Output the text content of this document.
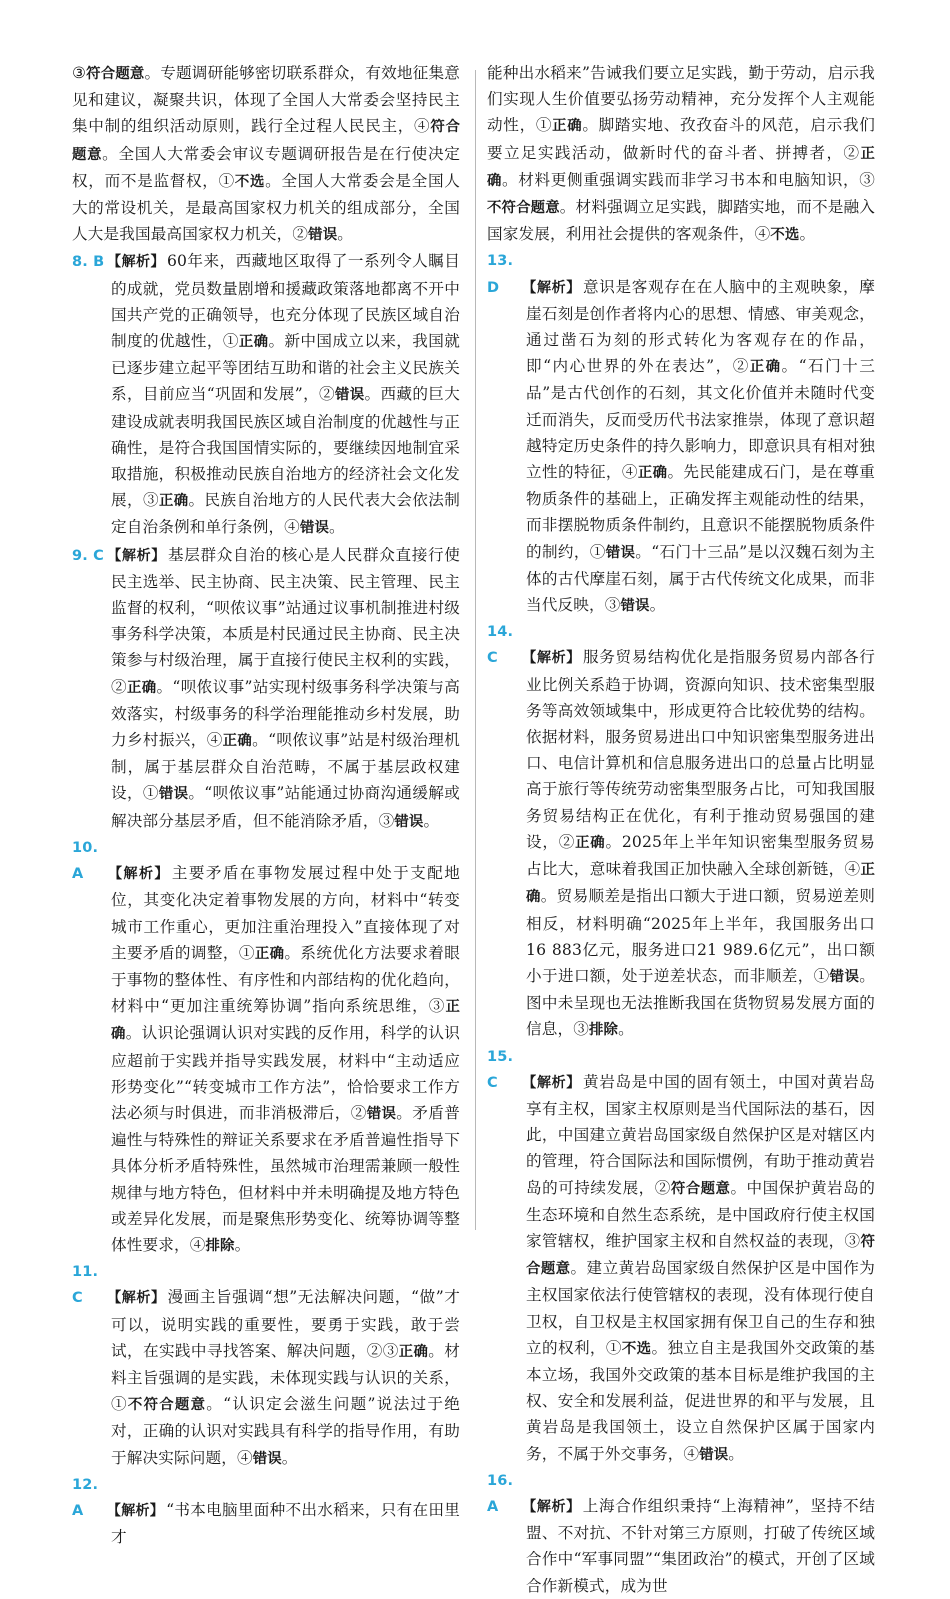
③符合题意。专题调研能够密切联系群众，有效地征集意见和建议，凝聚共识，体现了全国人大常委会坚持民主集中制的组织活动原则，践行全过程人民民主，④符合题意。全国人大常委会审议专题调研报告是在行使决定权，而不是监督权，①不选。全国人大常委会是全国人大的常设机关，是最高国家权力机关的组成部分，全国人大是我国最高国家权力机关，②错误。

8. B 【解析】 60年来，西藏地区取得了一系列令人瞩目的成就，党员数量剧增和援藏政策落地都离不开中国共产党的正确领导，也充分体现了民族区域自治制度的优越性，①正确。新中国成立以来，我国就已逐步建立起平等团结互助和谐的社会主义民族关系，目前应当“巩固和发展”，②错误。西藏的巨大建设成就表明我国民族区域自治制度的优越性与正确性，是符合我国国情实际的，要继续因地制宜采取措施，积极推动民族自治地方的经济社会文化发展，③正确。民族自治地方的人民代表大会依法制定自治条例和单行条例，④错误。

9. C 【解析】 基层群众自治的核心是人民群众直接行使民主选举、民主协商、民主决策、民主管理、民主监督的权利，“呗侬议事”站通过议事机制推进村级事务科学决策，本质是村民通过民主协商、民主决策参与村级治理，属于直接行使民主权利的实践，②正确。“呗侬议事”站实现村级事务科学决策与高效落实，村级事务的科学治理能推动乡村发展，助力乡村振兴，④正确。“呗侬议事”站是村级治理机制，属于基层群众自治范畴，不属于基层政权建设，①错误。“呗侬议事”站能通过协商沟通缓解或解决部分基层矛盾，但不能消除矛盾，③错误。

10. A 【解析】 主要矛盾在事物发展过程中处于支配地位，其变化决定着事物发展的方向，材料中“转变城市工作重心，更加注重治理投入”直接体现了对主要矛盾的调整，①正确。系统优化方法要求着眼于事物的整体性、有序性和内部结构的优化趋向，材料中“更加注重统筹协调”指向系统思维，③正确。认识论强调认识对实践的反作用，科学的认识应超前于实践并指导实践发展，材料中“主动适应形势变化”“转变城市工作方法”，恰恰要求工作方法必须与时俱进，而非消极滞后，②错误。矛盾普遍性与特殊性的辩证关系要求在矛盾普遍性指导下具体分析矛盾特殊性，虽然城市治理需兼顾一般性规律与地方特色，但材料中并未明确提及地方特色或差异化发展，而是聚焦形势变化、统筹协调等整体性要求，④排除。

11. C 【解析】 漫画主旨强调“想”无法解决问题，“做”才可以，说明实践的重要性，要勇于实践，敢于尝试，在实践中寻找答案、解决问题，②③正确。材料主旨强调的是实践，未体现实践与认识的关系，①不符合题意。“认识定会滋生问题”说法过于绝对，正确的认识对实践具有科学的指导作用，有助于解决实际问题，④错误。

12. A 【解析】 “书本电脑里面种不出水稻来，只有在田里才

能种出水稻来”告诫我们要立足实践，勤于劳动，启示我们实现人生价值要弘扬劳动精神，充分发挥个人主观能动性，①正确。脚踏实地、孜孜奋斗的风范，启示我们要立足实践活动，做新时代的奋斗者、拼搏者，②正确。材料更侧重强调实践而非学习书本和电脑知识，③不符合题意。材料强调立足实践，脚踏实地，而不是融入国家发展，利用社会提供的客观条件，④不选。

13. D 【解析】 意识是客观存在在人脑中的主观映象，摩崖石刻是创作者将内心的思想、情感、审美观念，通过凿石为刻的形式转化为客观存在的作品，即“内心世界的外在表达”，②正确。“石门十三品”是古代创作的石刻，其文化价值并未随时代变迁而消失，反而受历代书法家推崇，体现了意识超越特定历史条件的持久影响力，即意识具有相对独立性的特征，④正确。先民能建成石门，是在尊重物质条件的基础上，正确发挥主观能动性的结果，而非摆脱物质条件制约，且意识不能摆脱物质条件的制约，①错误。“石门十三品”是以汉魏石刻为主体的古代摩崖石刻，属于古代传统文化成果，而非当代反映，③错误。

14. C 【解析】 服务贸易结构优化是指服务贸易内部各行业比例关系趋于协调，资源向知识、技术密集型服务等高效领域集中，形成更符合比较优势的结构。依据材料，服务贸易进出口中知识密集型服务进出口、电信计算机和信息服务进出口的总量占比明显高于旅行等传统劳动密集型服务占比，可知我国服务贸易结构正在优化，有利于推动贸易强国的建设，②正确。2025年上半年知识密集型服务贸易占比大，意味着我国正加快融入全球创新链，④正确。贸易顺差是指出口额大于进口额，贸易逆差则相反，材料明确“2025年上半年，我国服务出口16 883亿元，服务进口21 989.6亿元”，出口额小于进口额，处于逆差状态，而非顺差，①错误。图中未呈现也无法推断我国在货物贸易发展方面的信息，③排除。

15. C 【解析】 黄岩岛是中国的固有领土，中国对黄岩岛享有主权，国家主权原则是当代国际法的基石，因此，中国建立黄岩岛国家级自然保护区是对辖区内的管理，符合国际法和国际惯例，有助于推动黄岩岛的可持续发展，②符合题意。中国保护黄岩岛的生态环境和自然生态系统，是中国政府行使主权国家管辖权，维护国家主权和自然权益的表现，③符合题意。建立黄岩岛国家级自然保护区是中国作为主权国家依法行使管辖权的表现，没有体现行使自卫权，自卫权是主权国家拥有保卫自己的生存和独立的权利，①不选。独立自主是我国外交政策的基本立场，我国外交政策的基本目标是维护我国的主权、安全和发展利益，促进世界的和平与发展，且黄岩岛是我国领土，设立自然保护区属于国家内务，不属于外交事务，④错误。

16. A 【解析】 上海合作组织秉持“上海精神”，坚持不结盟、不对抗、不针对第三方原则，打破了传统区域合作中“军事同盟”“集团政治”的模式，开创了区域合作新模式，成为世
